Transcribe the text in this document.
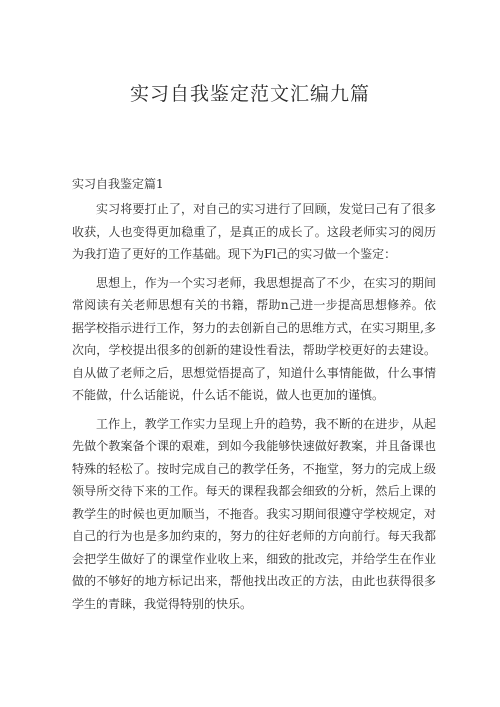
实习自我鉴定范文汇编九篇
实习自我鉴定篇1

实习将要打止了，对自己的实习进行了回顾，发觉曰己有了很多收获，人也变得更加稳重了，是真正的成长了。这段老师实习的阅历为我打造了更好的工作基础。现下为Fl己的实习做一个鉴定：

思想上，作为一个实习老师，我思想提高了不少，在实习的期间常阅读有关老师思想有关的书籍，帮助n己进一步提高思想修养。依据学校指示进行工作，努力的去创新自己的思维方式，在实习期里,多次向，学校提出很多的创新的建设性看法，帮助学校更好的去建设。自从做了老师之后，思想觉悟提高了，知道什么事情能做，什么事情不能做，什么话能说，什么话不能说，做人也更加的谨慎。

工作上，教学工作实力呈现上升的趋势，我不断的在进步，从起先做个教案备个课的艰难，到如今我能够快速做好教案，并且备课也特殊的轻松了。按时完成自己的教学任务，不拖堂，努力的完成上级领导所交待下来的工作。每天的课程我都会细致的分析，然后上课的教学生的时候也更加顺当，不拖沓。我实习期间很遵守学校规定，对自己的行为也是多加约束的，努力的往好老师的方向前行。每天我都会把学生做好了的课堂作业收上来，细致的批改完，并给学生在作业做的不够好的地方标记出来，帮他找出改正的方法，由此也获得很多学生的青睐，我觉得特别的快乐。
